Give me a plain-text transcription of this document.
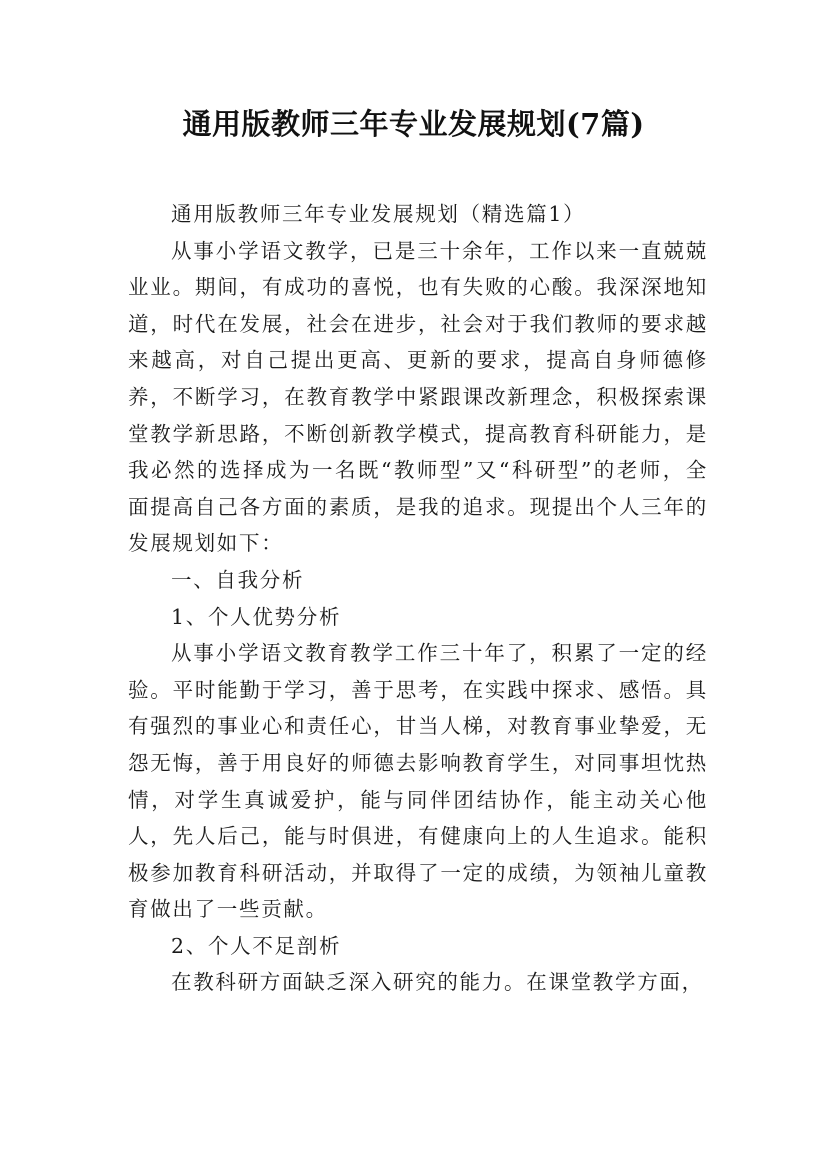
通用版教师三年专业发展规划(7篇)

通用版教师三年专业发展规划（精选篇1）

从事小学语文教学，已是三十余年，工作以来一直兢兢业业。期间，有成功的喜悦，也有失败的心酸。我深深地知道，时代在发展，社会在进步，社会对于我们教师的要求越来越高，对自己提出更高、更新的要求，提高自身师德修养，不断学习，在教育教学中紧跟课改新理念，积极探索课堂教学新思路，不断创新教学模式，提高教育科研能力，是我必然的选择成为一名既“教师型”又“科研型”的老师，全面提高自己各方面的素质，是我的追求。现提出个人三年的发展规划如下：

一、自我分析

1、个人优势分析

从事小学语文教育教学工作三十年了，积累了一定的经验。平时能勤于学习，善于思考，在实践中探求、感悟。具有强烈的事业心和责任心，甘当人梯，对教育事业挚爱，无怨无悔，善于用良好的师德去影响教育学生，对同事坦忱热情，对学生真诚爱护，能与同伴团结协作，能主动关心他人，先人后己，能与时俱进，有健康向上的人生追求。能积极参加教育科研活动，并取得了一定的成绩，为领袖儿童教育做出了一些贡献。

2、个人不足剖析

在教科研方面缺乏深入研究的能力。在课堂教学方面，
